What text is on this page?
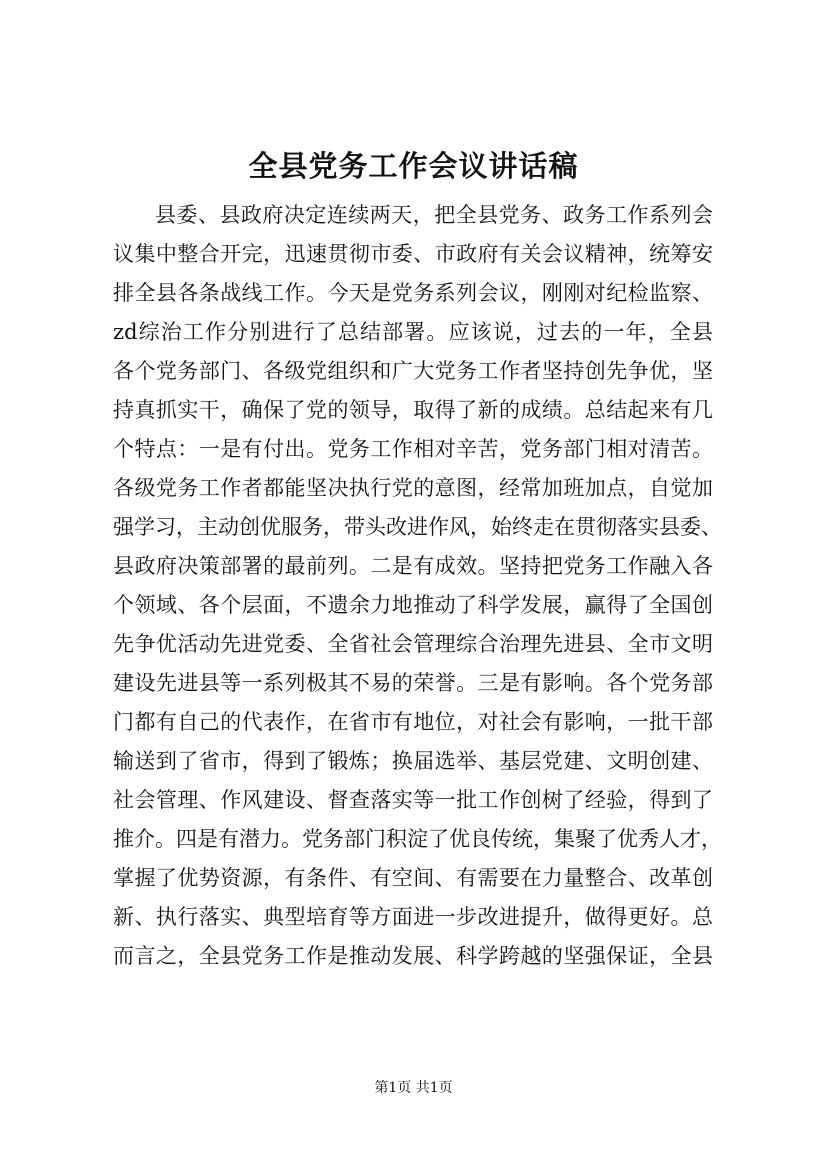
全县党务工作会议讲话稿
县委、县政府决定连续两天，把全县党务、政务工作系列会
议集中整合开完，迅速贯彻市委、市政府有关会议精神，统筹安
排全县各条战线工作。今天是党务系列会议，刚刚对纪检监察、
zd综治工作分别进行了总结部署。应该说，过去的一年，全县
各个党务部门、各级党组织和广大党务工作者坚持创先争优，坚
持真抓实干，确保了党的领导，取得了新的成绩。总结起来有几
个特点：一是有付出。党务工作相对辛苦，党务部门相对清苦。
各级党务工作者都能坚决执行党的意图，经常加班加点，自觉加
强学习，主动创优服务，带头改进作风，始终走在贯彻落实县委、
县政府决策部署的最前列。二是有成效。坚持把党务工作融入各
个领域、各个层面，不遗余力地推动了科学发展，赢得了全国创
先争优活动先进党委、全省社会管理综合治理先进县、全市文明
建设先进县等一系列极其不易的荣誉。三是有影响。各个党务部
门都有自己的代表作，在省市有地位，对社会有影响，一批干部
输送到了省市，得到了锻炼；换届选举、基层党建、文明创建、
社会管理、作风建设、督查落实等一批工作创树了经验，得到了
推介。四是有潜力。党务部门积淀了优良传统，集聚了优秀人才，
掌握了优势资源，有条件、有空间、有需要在力量整合、改革创
新、执行落实、典型培育等方面进一步改进提升，做得更好。总
而言之，全县党务工作是推动发展、科学跨越的坚强保证，全县
第1页 共1页
